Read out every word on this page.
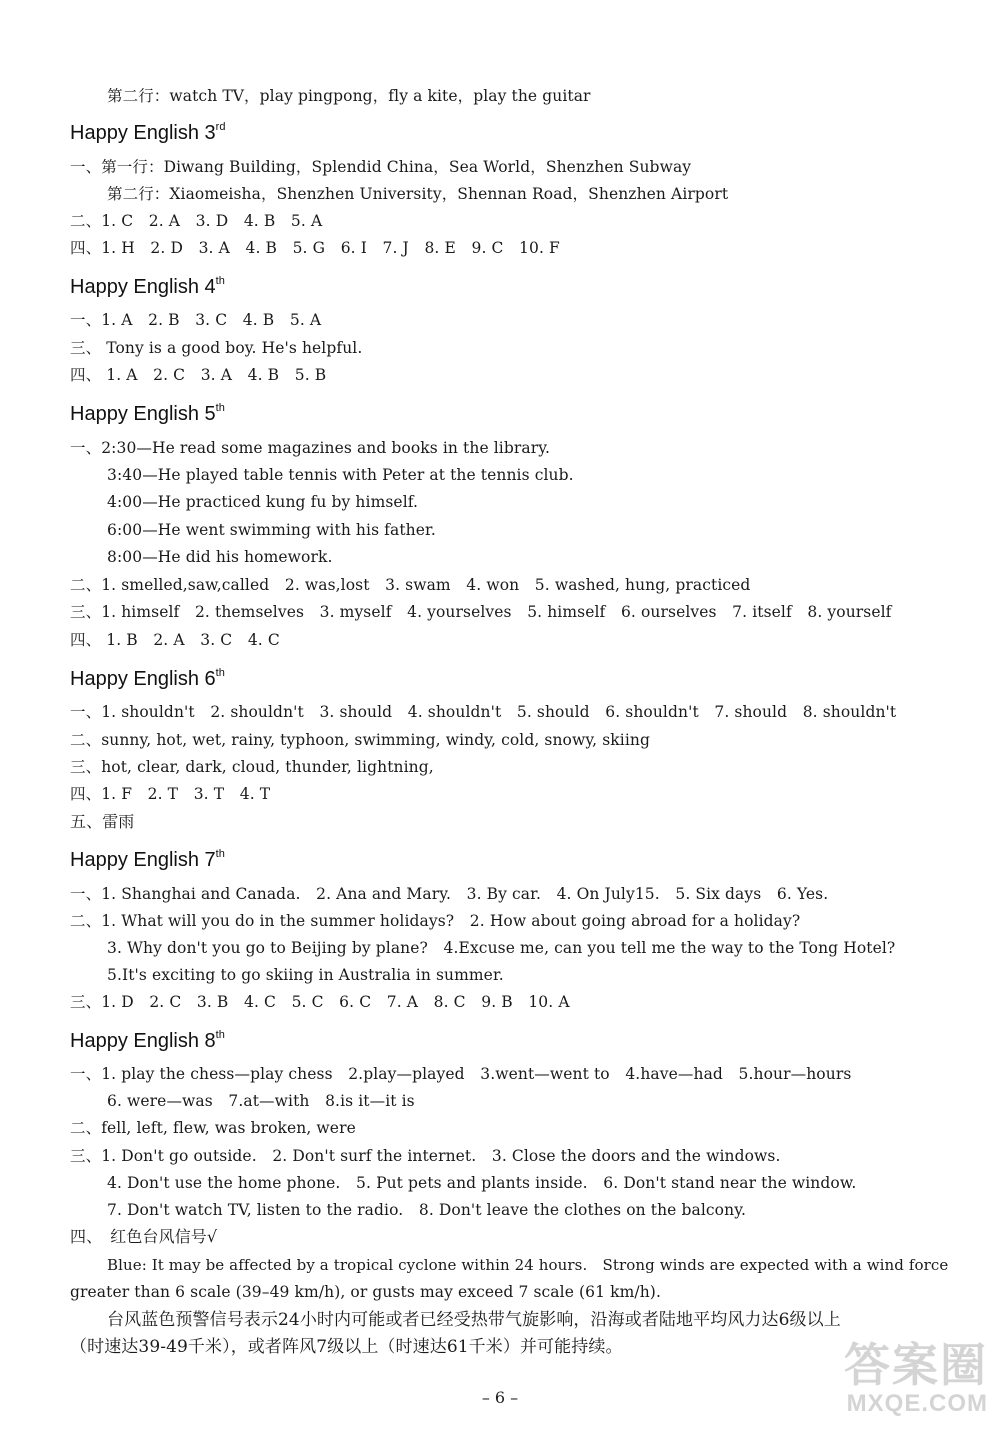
第二行：watch TV，play pingpong，fly a kite，play the guitar
Happy English 3rd
一、第一行：Diwang Building，Splendid China，Sea World，Shenzhen Subway
第二行：Xiaomeisha，Shenzhen University，Shennan Road，Shenzhen Airport
二、1. C　2. A　3. D　4. B　5. A
四、1. H　2. D　3. A　4. B　5. G　6. I　7. J　8. E　9. C　10. F
Happy English 4th
一、1. A　2. B　3. C　4. B　5. A
三、 Tony is a good boy. He's helpful.
四、 1. A　2. C　3. A　4. B　5. B
Happy English 5th
一、2:30—He read some magazines and books in the library.
3:40—He played table tennis with Peter at the tennis club.
4:00—He practiced kung fu by himself.
6:00—He went swimming with his father.
8:00—He did his homework.
二、1. smelled,saw,called　2. was,lost　3. swam　4. won　5. washed, hung, practiced
三、1. himself　2. themselves　3. myself　4. yourselves　5. himself　6. ourselves　7. itself　8. yourself
四、 1. B　2. A　3. C　4. C
Happy English 6th
一、1. shouldn't　2. shouldn't　3. should　4. shouldn't　5. should　6. shouldn't　7. should　8. shouldn't
二、sunny, hot, wet, rainy, typhoon, swimming, windy, cold, snowy, skiing
三、hot, clear, dark, cloud, thunder, lightning,
四、1. F　2. T　3. T　4. T
五、雷雨
Happy English 7th
一、1. Shanghai and Canada.　2. Ana and Mary.　3. By car.　4. On July15.　5. Six days　6. Yes.
二、1. What will you do in the summer holidays?　2. How about going abroad for a holiday?
3. Why don't you go to Beijing by plane?　4.Excuse me, can you tell me the way to the Tong Hotel?
5.It's exciting to go skiing in Australia in summer.
三、1. D　2. C　3. B　4. C　5. C　6. C　7. A　8. C　9. B　10. A
Happy English 8th
一、1. play the chess—play chess　2.play—played　3.went—went to　4.have—had　5.hour—hours
6. were—was　7.at—with　8.is it—it is
二、fell, left, flew, was broken, were
三、1. Don't go outside.　2. Don't surf the internet.　3. Close the doors and the windows.
4. Don't use the home phone.　5. Put pets and plants inside.　6. Don't stand near the window.
7. Don't watch TV, listen to the radio.　8. Don't leave the clothes on the balcony.
四、　红色台风信号√
Blue: It may be affected by a tropical cyclone within 24 hours.　Strong winds are expected with a wind force
greater than 6 scale (39–49 km/h), or gusts may exceed 7 scale (61 km/h).
台风蓝色预警信号表示24小时内可能或者已经受热带气旋影响，沿海或者陆地平均风力达6级以上
（时速达39-49千米），或者阵风7级以上（时速达61千米）并可能持续。
– 6 –
答案圈
MXQE.COM
